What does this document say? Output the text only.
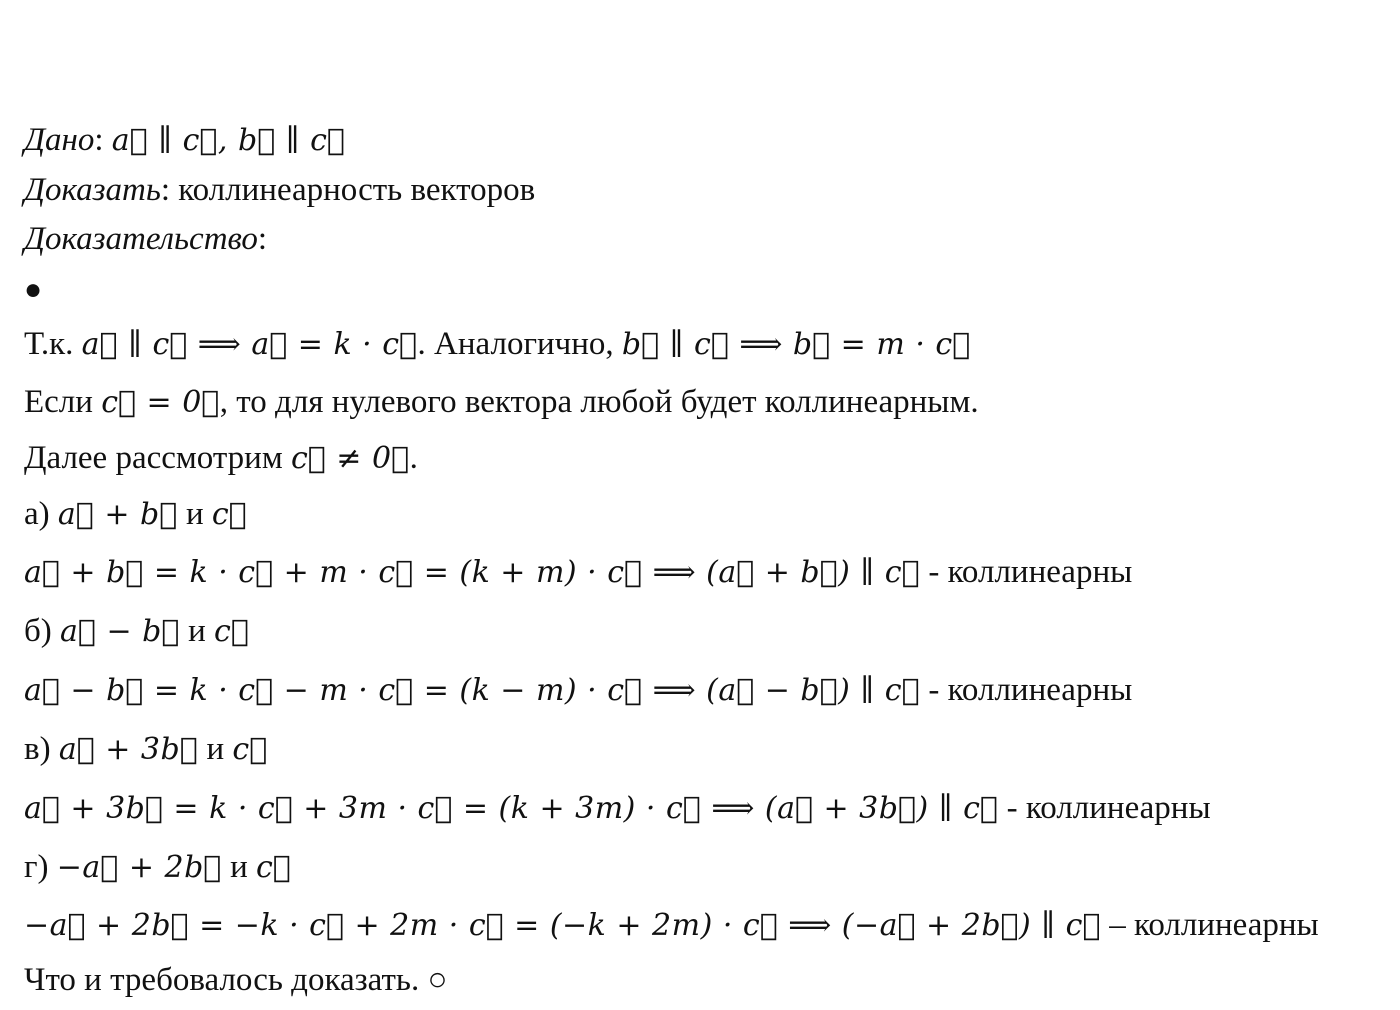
Дано: a⃗ ∥ c⃗, b⃗ ∥ c⃗
Доказать: коллинеарность векторов
Доказательство:
●
Т.к. a⃗ ∥ c⃗ ⟹ a⃗ = k · c⃗. Аналогично, b⃗ ∥ c⃗ ⟹ b⃗ = m · c⃗
Если c⃗ = 0⃗, то для нулевого вектора любой будет коллинеарным.
Далее рассмотрим c⃗ ≠ 0⃗.
а) a⃗ + b⃗ и c⃗
a⃗ + b⃗ = k · c⃗ + m · c⃗ = (k + m) · c⃗ ⟹ (a⃗ + b⃗) ∥ c⃗ - коллинеарны
б) a⃗ − b⃗ и c⃗
a⃗ − b⃗ = k · c⃗ − m · c⃗ = (k − m) · c⃗ ⟹ (a⃗ − b⃗) ∥ c⃗ - коллинеарны
в) a⃗ + 3b⃗ и c⃗
a⃗ + 3b⃗ = k · c⃗ + 3m · c⃗ = (k + 3m) · c⃗ ⟹ (a⃗ + 3b⃗) ∥ c⃗ - коллинеарны
г) −a⃗ + 2b⃗ и c⃗
−a⃗ + 2b⃗ = −k · c⃗ + 2m · c⃗ = (−k + 2m) · c⃗ ⟹ (−a⃗ + 2b⃗) ∥ c⃗ – коллинеарны
Что и требовалось доказать. ○
